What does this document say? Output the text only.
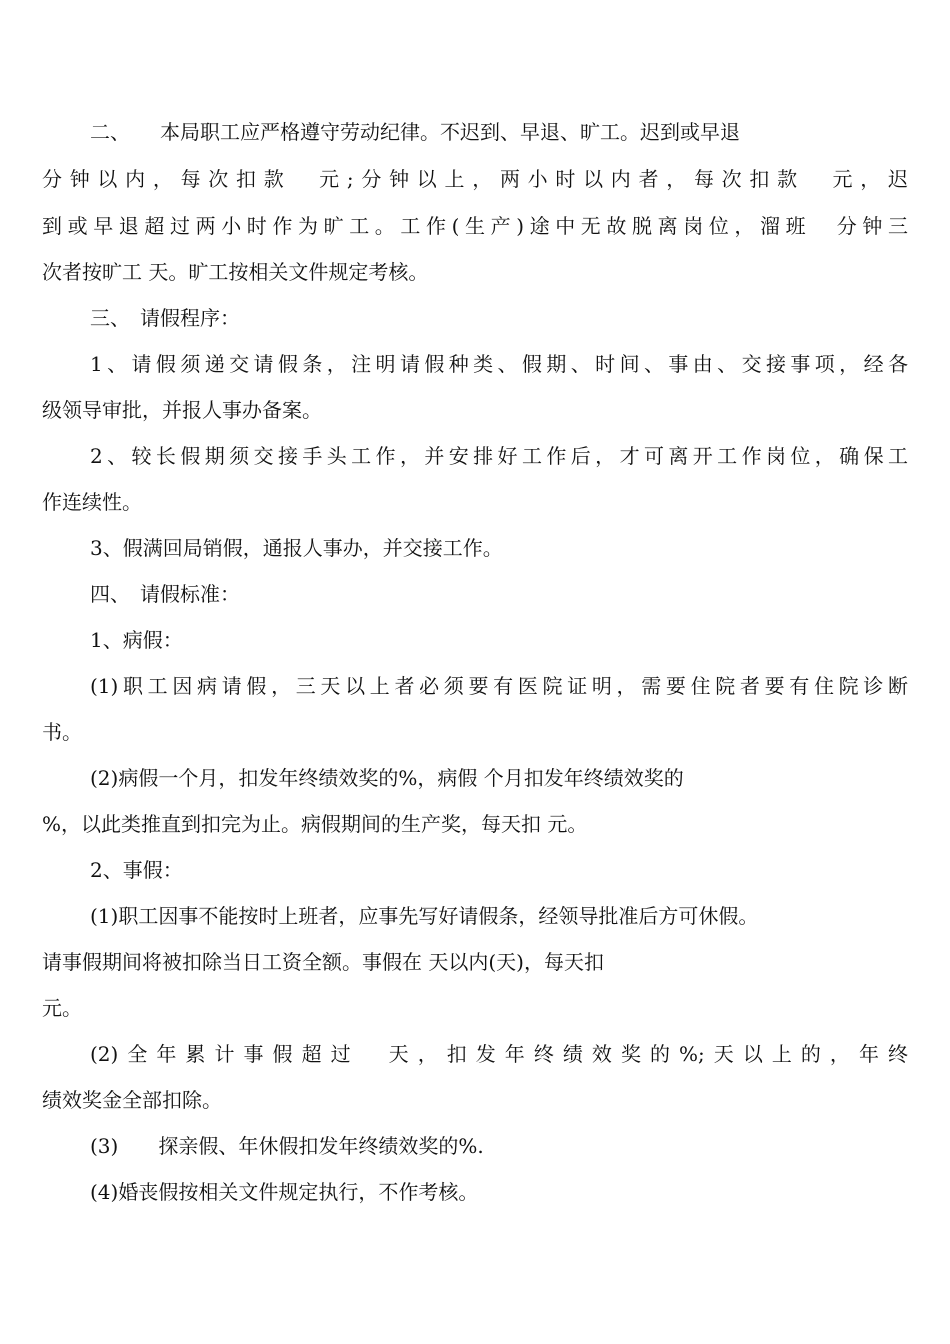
二、　　本局职工应严格遵守劳动纪律。不迟到、早退、旷工。迟到或早退
分钟以内，每次扣款　元;分钟以上，两小时以内者，每次扣款　元，迟
到或早退超过两小时作为旷工。工作(生产)途中无故脱离岗位，溜班　分钟三
次者按旷工 天。旷工按相关文件规定考核。
三、　请假程序：
1、请假须递交请假条，注明请假种类、假期、时间、事由、交接事项，经各
级领导审批，并报人事办备案。
2、较长假期须交接手头工作，并安排好工作后，才可离开工作岗位，确保工
作连续性。
3、假满回局销假，通报人事办，并交接工作。
四、　请假标准：
1、病假：
(1)职工因病请假，三天以上者必须要有医院证明，需要住院者要有住院诊断
书。
(2)病假一个月，扣发年终绩效奖的%，病假 个月扣发年终绩效奖的
%，以此类推直到扣完为止。病假期间的生产奖，每天扣 元。
2、事假：
(1)职工因事不能按时上班者，应事先写好请假条，经领导批准后方可休假。
请事假期间将被扣除当日工资全额。事假在 天以内(天)，每天扣
元。
(2)全年累计事假超过　天，扣发年终绩效奖的%;天以上的，年终
绩效奖金全部扣除。
(3)　　探亲假、年休假扣发年终绩效奖的%.
(4)婚丧假按相关文件规定执行，不作考核。
